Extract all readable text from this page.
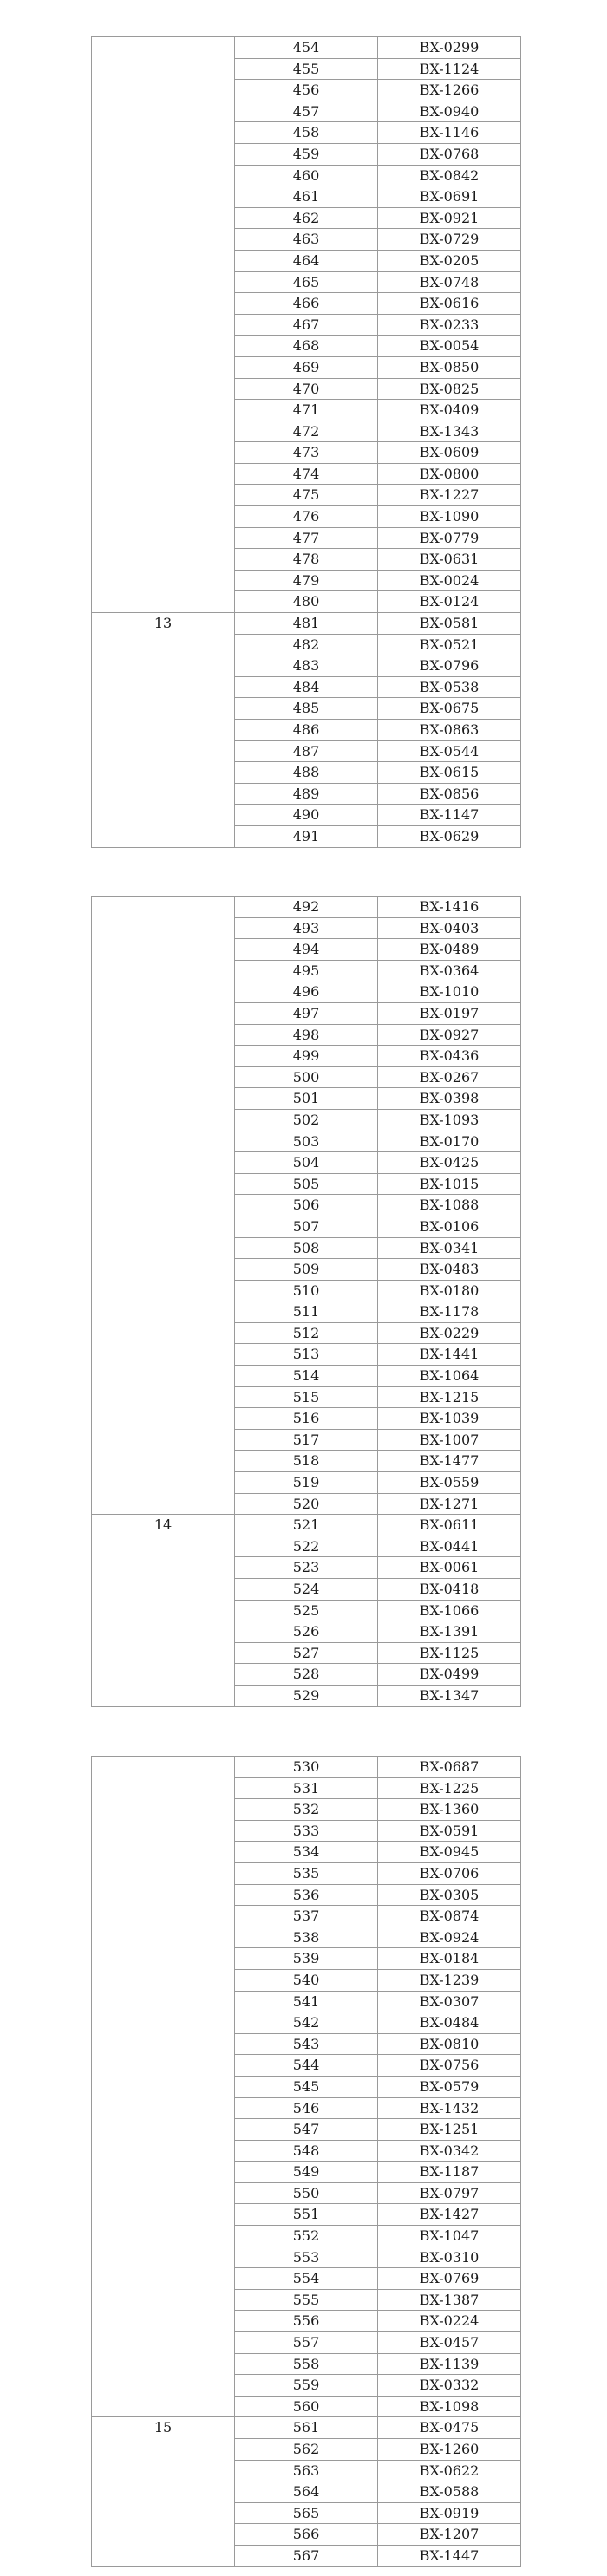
	454	BX-0299
	455	BX-1124
	456	BX-1266
	457	BX-0940
	458	BX-1146
	459	BX-0768
	460	BX-0842
	461	BX-0691
	462	BX-0921
	463	BX-0729
	464	BX-0205
	465	BX-0748
	466	BX-0616
	467	BX-0233
	468	BX-0054
	469	BX-0850
	470	BX-0825
	471	BX-0409
	472	BX-1343
	473	BX-0609
	474	BX-0800
	475	BX-1227
	476	BX-1090
	477	BX-0779
	478	BX-0631
	479	BX-0024
	480	BX-0124
13	481	BX-0581
	482	BX-0521
	483	BX-0796
	484	BX-0538
	485	BX-0675
	486	BX-0863
	487	BX-0544
	488	BX-0615
	489	BX-0856
	490	BX-1147
	491	BX-0629
	492	BX-1416
	493	BX-0403
	494	BX-0489
	495	BX-0364
	496	BX-1010
	497	BX-0197
	498	BX-0927
	499	BX-0436
	500	BX-0267
	501	BX-0398
	502	BX-1093
	503	BX-0170
	504	BX-0425
	505	BX-1015
	506	BX-1088
	507	BX-0106
	508	BX-0341
	509	BX-0483
	510	BX-0180
	511	BX-1178
	512	BX-0229
	513	BX-1441
	514	BX-1064
	515	BX-1215
	516	BX-1039
	517	BX-1007
	518	BX-1477
	519	BX-0559
	520	BX-1271
14	521	BX-0611
	522	BX-0441
	523	BX-0061
	524	BX-0418
	525	BX-1066
	526	BX-1391
	527	BX-1125
	528	BX-0499
	529	BX-1347
	530	BX-0687
	531	BX-1225
	532	BX-1360
	533	BX-0591
	534	BX-0945
	535	BX-0706
	536	BX-0305
	537	BX-0874
	538	BX-0924
	539	BX-0184
	540	BX-1239
	541	BX-0307
	542	BX-0484
	543	BX-0810
	544	BX-0756
	545	BX-0579
	546	BX-1432
	547	BX-1251
	548	BX-0342
	549	BX-1187
	550	BX-0797
	551	BX-1427
	552	BX-1047
	553	BX-0310
	554	BX-0769
	555	BX-1387
	556	BX-0224
	557	BX-0457
	558	BX-1139
	559	BX-0332
	560	BX-1098
15	561	BX-0475
	562	BX-1260
	563	BX-0622
	564	BX-0588
	565	BX-0919
	566	BX-1207
	567	BX-1447
